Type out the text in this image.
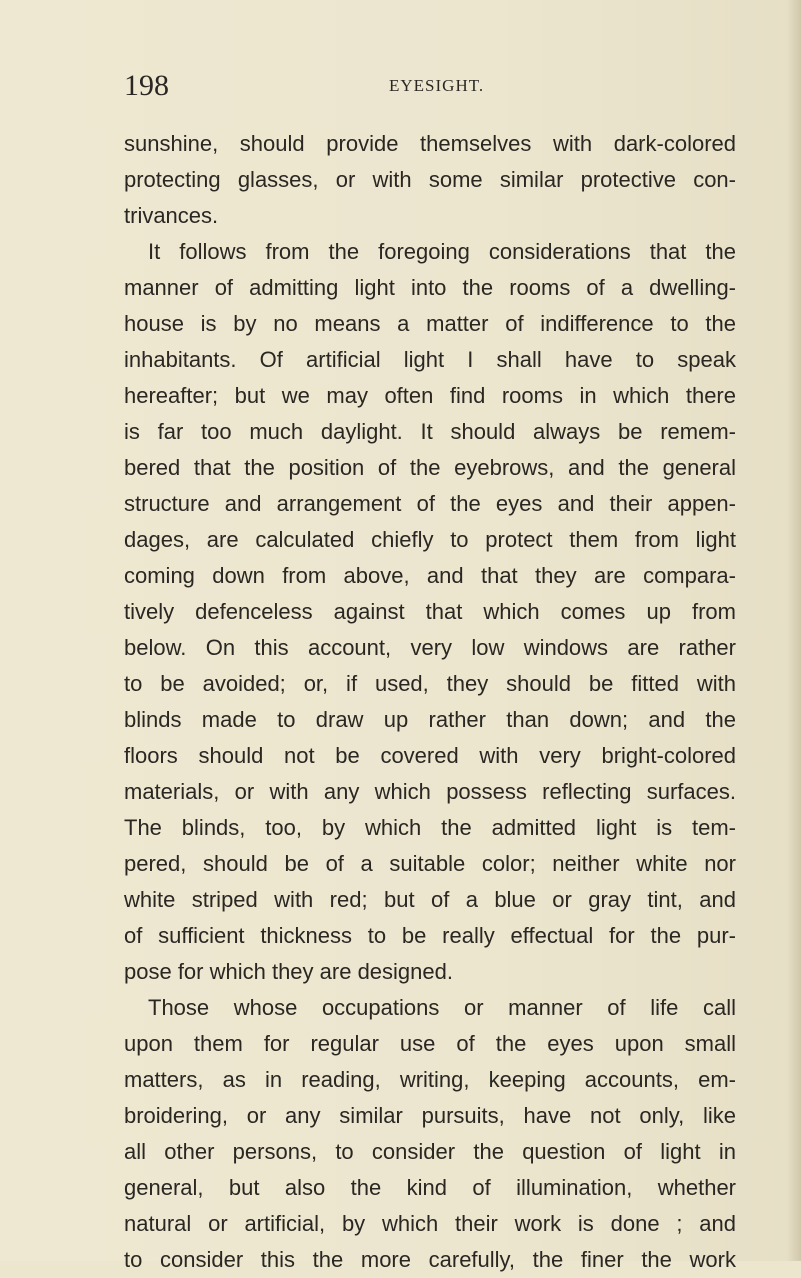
198	EYESIGHT.
sunshine, should provide themselves with dark-colored
protecting glasses, or with some similar protective con-
trivances.
It follows from the foregoing considerations that the
manner of admitting light into the rooms of a dwelling-
house is by no means a matter of indifference to the
inhabitants. Of artificial light I shall have to speak
hereafter; but we may often find rooms in which there
is far too much daylight. It should always be remem-
bered that the position of the eyebrows, and the general
structure and arrangement of the eyes and their appen-
dages, are calculated chiefly to protect them from light
coming down from above, and that they are compara-
tively defenceless against that which comes up from
below. On this account, very low windows are rather
to be avoided; or, if used, they should be fitted with
blinds made to draw up rather than down; and the
floors should not be covered with very bright-colored
materials, or with any which possess reflecting surfaces.
The blinds, too, by which the admitted light is tem-
pered, should be of a suitable color; neither white nor
white striped with red; but of a blue or gray tint, and
of sufficient thickness to be really effectual for the pur-
pose for which they are designed.
Those whose occupations or manner of life call
upon them for regular use of the eyes upon small
matters, as in reading, writing, keeping accounts, em-
broidering, or any similar pursuits, have not only, like
all other persons, to consider the question of light in
general, but also the kind of illumination, whether
natural or artificial, by which their work is done ; and
to consider this the more carefully, the finer the work
